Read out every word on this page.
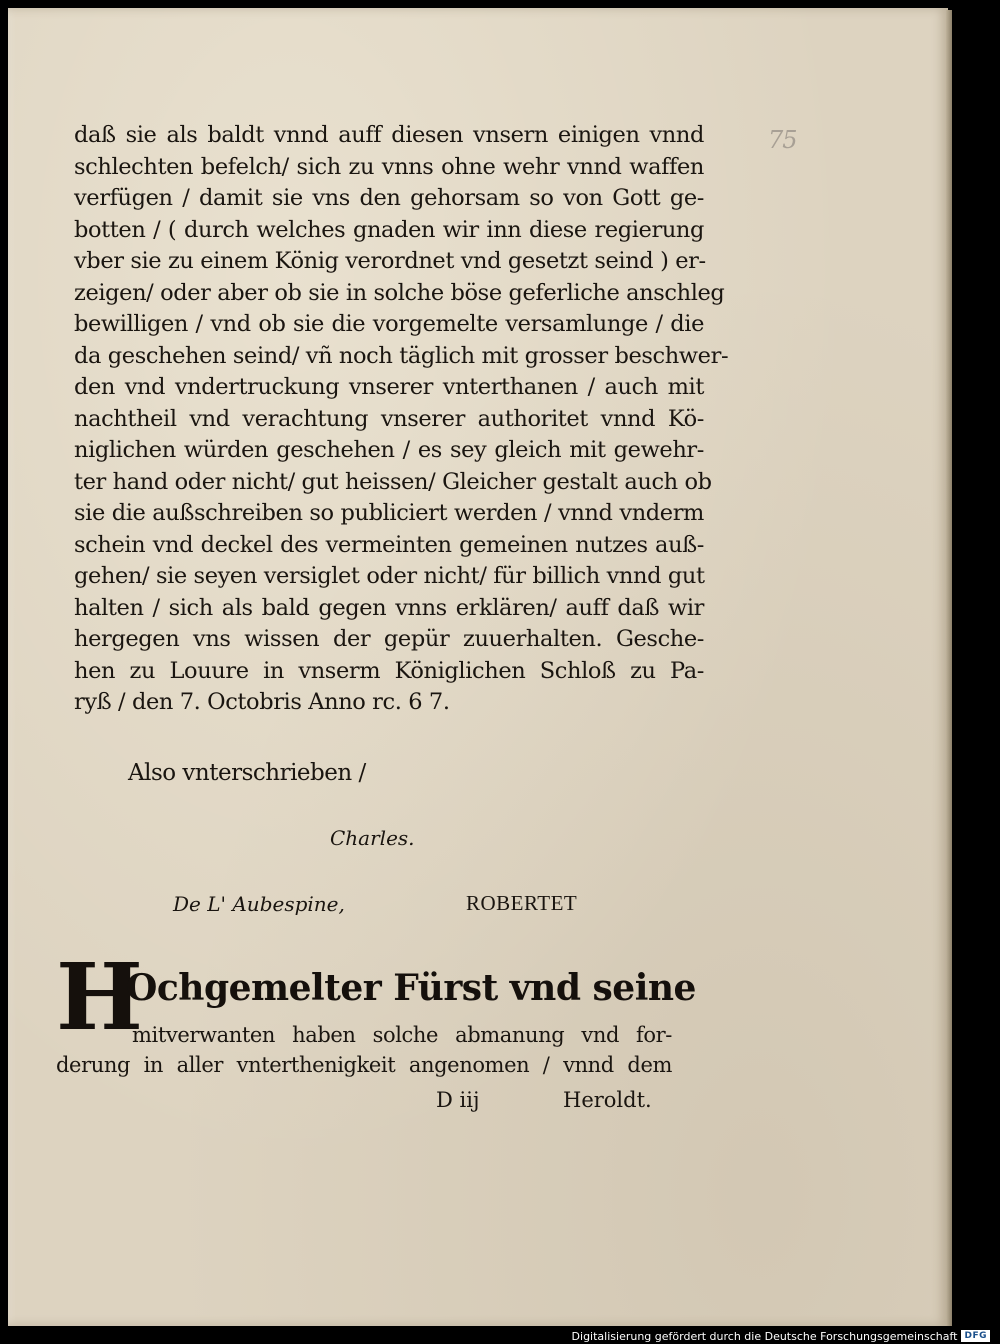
75
daß sie als baldt vnnd auff diesen vnsern einigen vnnd
schlechten befelch/ sich zu vnns ohne wehr vnnd waffen
verfügen / damit sie vns den gehorsam so von Gott ge-
botten / ( durch welches gnaden wir inn diese regierung
vber sie zu einem König verordnet vnd gesetzt seind ) er-
zeigen/ oder aber ob sie in solche böse geferliche anschleg
bewilligen / vnd ob sie die vorgemelte versamlunge / die
da geschehen seind/ vñ noch täglich mit grosser beschwer-
den vnd vndertruckung vnserer vnterthanen / auch mit
nachtheil vnd verachtung vnserer authoritet vnnd Kö-
niglichen würden geschehen / es sey gleich mit gewehr-
ter hand oder nicht/ gut heissen/ Gleicher gestalt auch ob
sie die außschreiben so publiciert werden / vnnd vnderm
schein vnd deckel des vermeinten gemeinen nutzes auß-
gehen/ sie seyen versiglet oder nicht/ für billich vnnd gut
halten / sich als bald gegen vnns erklären/ auff daß wir
hergegen vns wissen der gepür zuuerhalten. Gesche-
hen zu Louure in vnserm Königlichen Schloß zu Pa-
ryß / den 7. Octobris Anno rc. 6 7.
Also vnterschrieben /
Charles.
De L' Aubespine,	ROBERTET
H
Ochgemelter Fürst vnd seine
mitverwanten haben solche abmanung vnd for-
derung in aller vnterthenigkeit angenomen / vnnd dem
D iij	Heroldt.
Digitalisierung gefördert durch die Deutsche Forschungsgemeinschaft DFG
